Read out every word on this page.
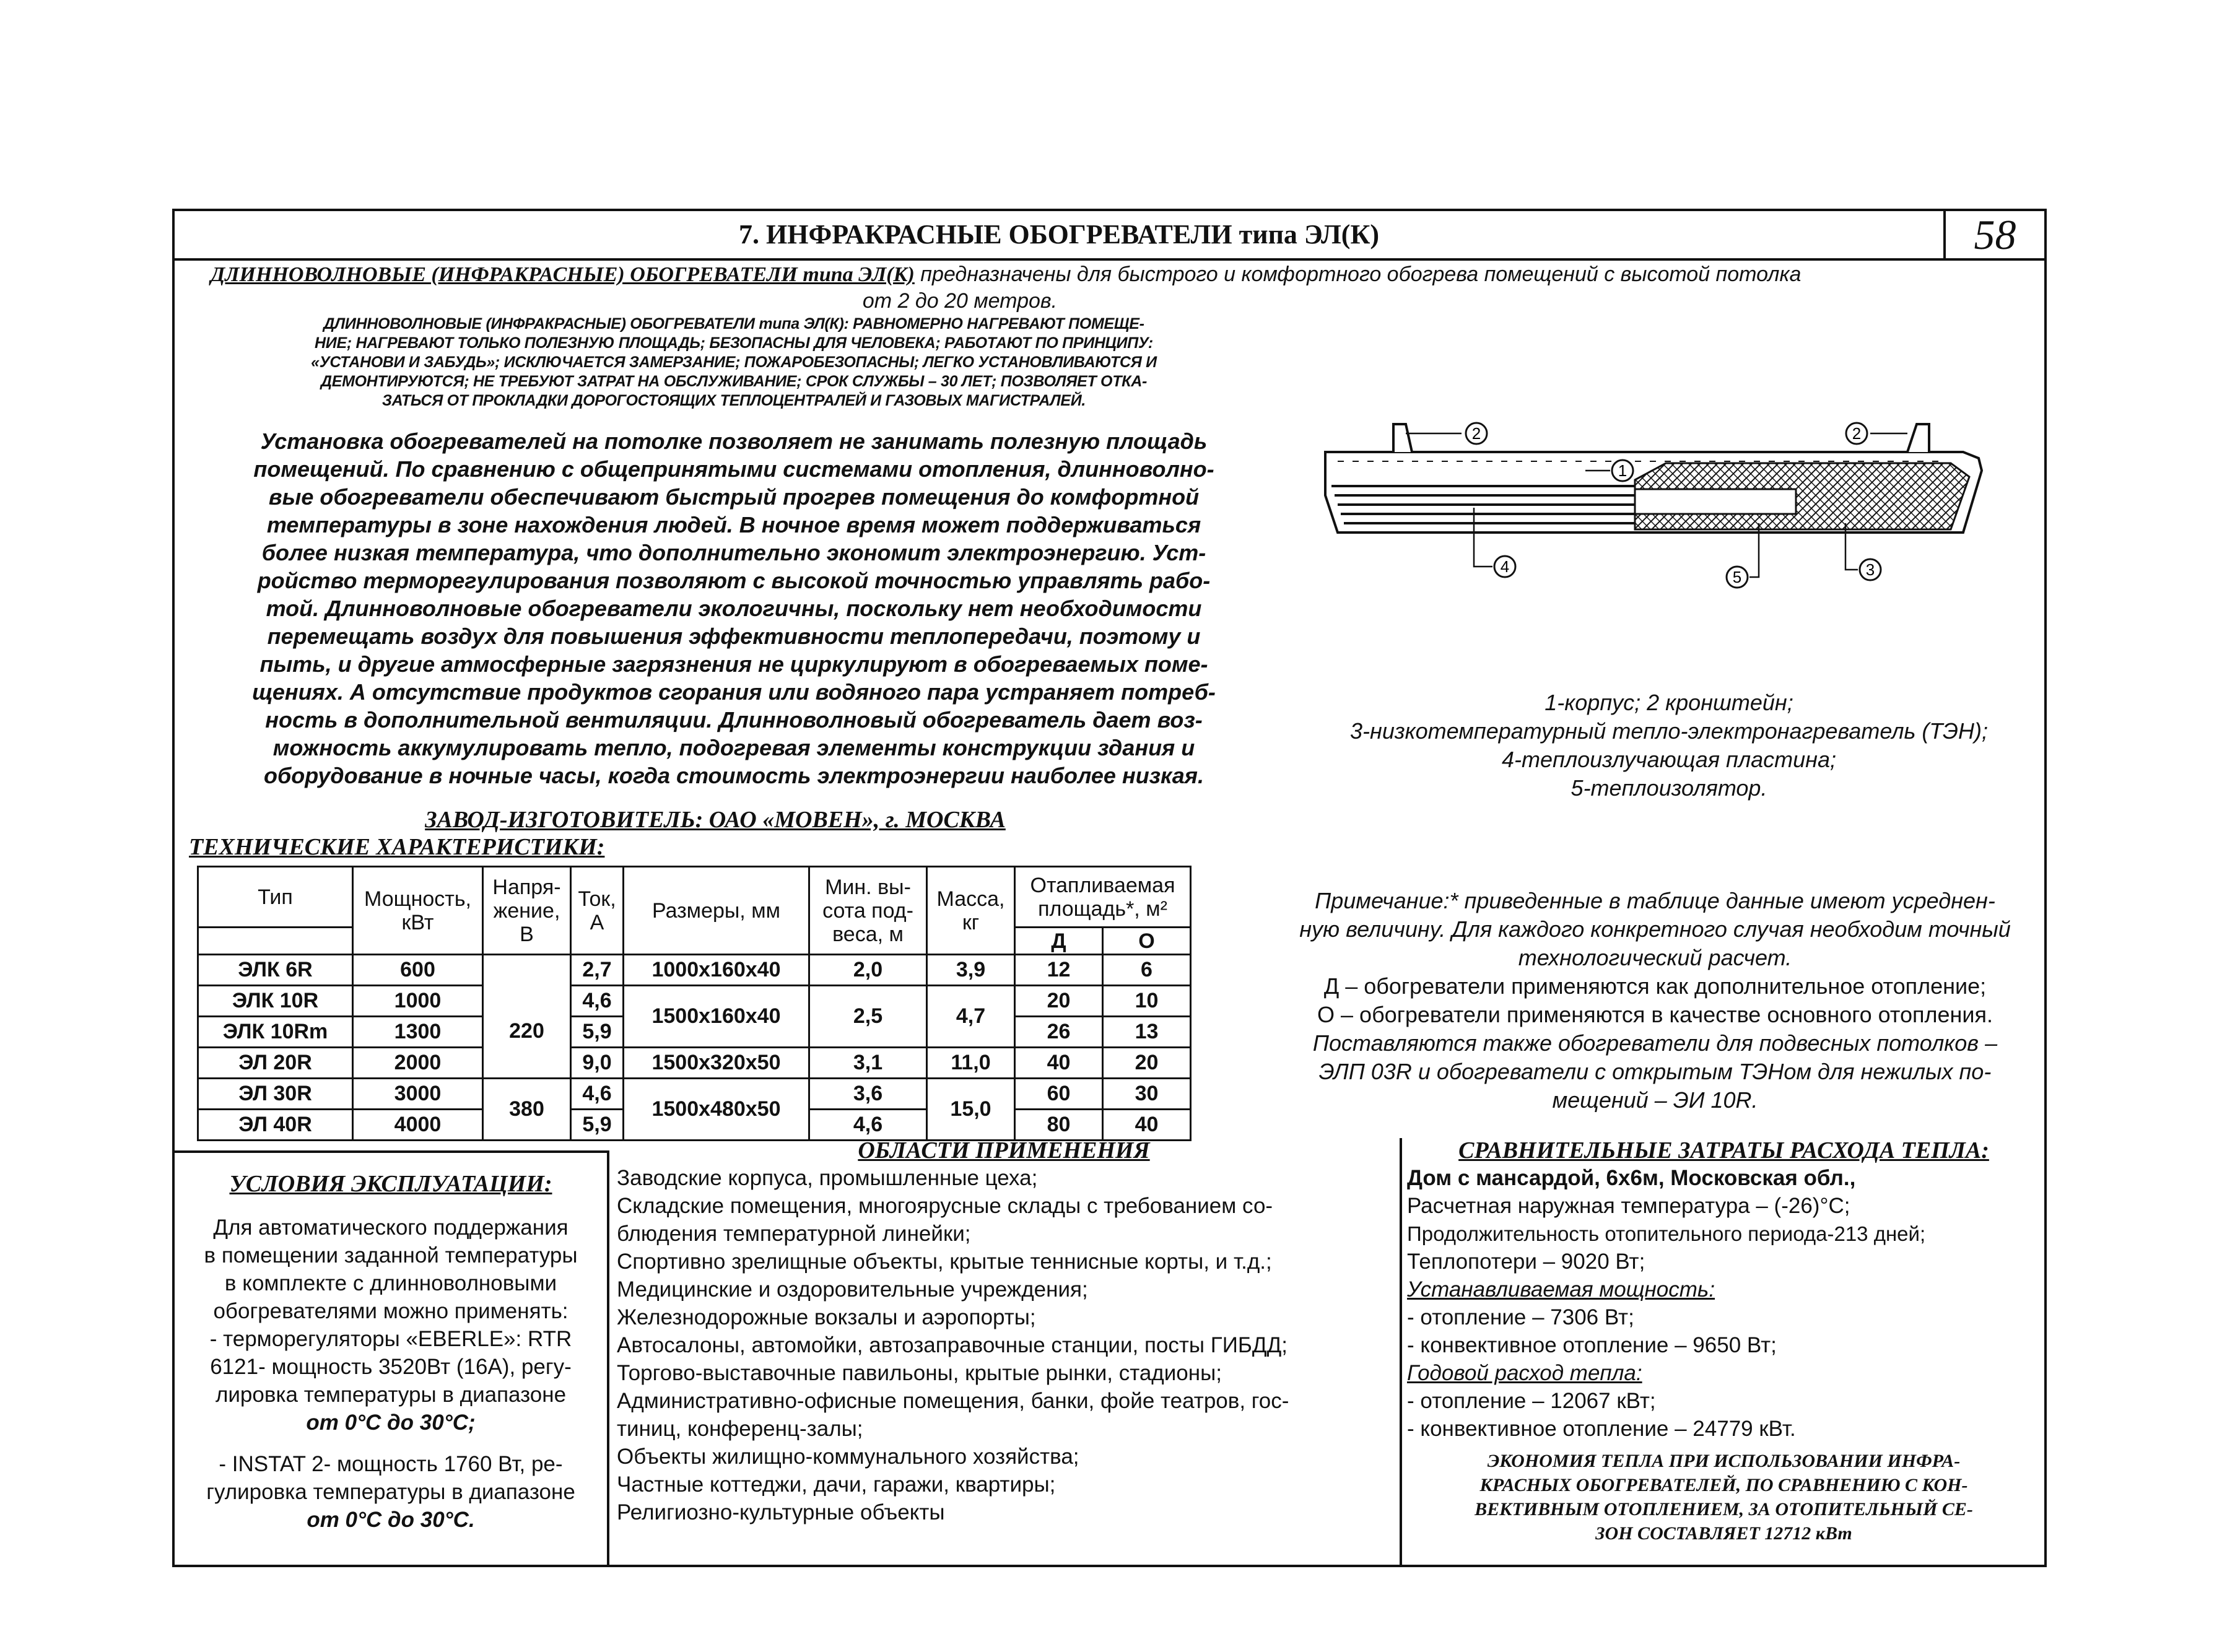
7. ИНФРАКРАСНЫЕ ОБОГРЕВАТЕЛИ типа ЭЛ(К)	58
ДЛИННОВОЛНОВЫЕ (ИНФРАКРАСНЫЕ) ОБОГРЕВАТЕЛИ типа ЭЛ(К) предназначены для быстрого и комфортного обогрева помещений с высотой потолка
от 2 до 20 метров.
ДЛИННОВОЛНОВЫЕ (ИНФРАКРАСНЫЕ) ОБОГРЕВАТЕЛИ типа ЭЛ(К): РАВНОМЕРНО НАГРЕВАЮТ ПОМЕЩЕ-
НИЕ; НАГРЕВАЮТ ТОЛЬКО ПОЛЕЗНУЮ ПЛОЩАДЬ; БЕЗОПАСНЫ ДЛЯ ЧЕЛОВЕКА; РАБОТАЮТ ПО ПРИНЦИПУ:
«УСТАНОВИ И ЗАБУДЬ»; ИСКЛЮЧАЕТСЯ ЗАМЕРЗАНИЕ; ПОЖАРОБЕЗОПАСНЫ; ЛЕГКО УСТАНОВЛИВАЮТСЯ И
ДЕМОНТИРУЮТСЯ; НЕ ТРЕБУЮТ ЗАТРАТ НА ОБСЛУЖИВАНИЕ; СРОК СЛУЖБЫ – 30 ЛЕТ; ПОЗВОЛЯЕТ ОТКА-
ЗАТЬСЯ ОТ ПРОКЛАДКИ ДОРОГОСТОЯЩИХ ТЕПЛОЦЕНТРАЛЕЙ И ГАЗОВЫХ МАГИСТРАЛЕЙ.
Установка обогревателей на потолке позволяет не занимать полезную площадь
помещений. По сравнению с общепринятыми системами отопления, длинноволно-
вые обогреватели обеспечивают быстрый прогрев помещения до комфортной
температуры в зоне нахождения людей. В ночное время может поддерживаться
более низкая температура, что дополнительно экономит электроэнергию. Уст-
ройство терморегулирования позволяют с высокой точностью управлять рабо-
той. Длинноволновые обогреватели экологичны, поскольку нет необходимости
перемещать воздух для повышения эффективности теплопередачи, поэтому и
пыть, и другие атмосферные загрязнения не циркулируют в обогреваемых поме-
щениях. А отсутствие продуктов сгорания или водяного пара устраняет потреб-
ность в дополнительной вентиляции. Длинноволновый обогреватель дает воз-
можность аккумулировать тепло, подогревая элементы конструкции здания и
оборудование в ночные часы, когда стоимость электроэнергии наиболее низкая.
2	2
1
4
5	3
1-корпус; 2 кронштейн;
3-низкотемпературный тепло-электронагреватель (ТЭН);
4-теплоизлучающая пластина;
5-теплоизолятор.
ЗАВОД-ИЗГОТОВИТЕЛЬ: ОАО «МОВЕН», г. МОСКВА
ТЕХНИЧЕСКИЕ ХАРАКТЕРИСТИКИ:
Тип	Мощность, кВт	Напря- жение, В	Ток, А	Размеры, мм	Мин. вы- сота под- веса, м	Масса, кг	Отапливаемая площадь*, м²	

							Д	О
ЭЛК 6R	600		2,7	1000x160x40	2,0	3,9	12	6
ЭЛК 10R	1000	220	4,6	1500x160x40	2,5	4,7	20	10
ЭЛК 10Rm	1300		5,9				26	13
ЭЛ 20R	2000		9,0	1500x320x50	3,1	11,0	40	20
ЭЛ 30R	3000	380	4,6	1500x480x50	3,6	15,0	60	30
ЭЛ 40R	4000		5,9		4,6		80	40
Примечание:* приведенные в таблице данные имеют усреднен-
ную величину. Для каждого конкретного случая необходим точный
технологический расчет.
Д – обогреватели применяются как дополнительное отопление;
О – обогреватели применяются в качестве основного отопления.
Поставляются также обогреватели для подвесных потолков –
ЭЛП 03R и обогреватели с открытым ТЭНом для нежилых по-
мещений – ЭИ 10R.
УСЛОВИЯ ЭКСПЛУАТАЦИИ:
Для автоматического поддержания
в помещении заданной температуры
в комплекте с длинноволновыми
обогревателями можно применять:
- терморегуляторы «EBERLE»: RTR
6121- мощность 3520Вт (16А), регу-
лировка температуры в диапазоне
от 0°С до 30°С;
- INSTAT 2- мощность 1760 Вт, ре-
гулировка температуры в диапазоне
от 0°С до 30°С.
ОБЛАСТИ ПРИМЕНЕНИЯ
Заводские корпуса, промышленные цеха;
Складские помещения, многоярусные склады с требованием со-
блюдения температурной линейки;
Спортивно зрелищные объекты, крытые теннисные корты, и т.д.;
Медицинские и оздоровительные учреждения;
Железнодорожные вокзалы и аэропорты;
Автосалоны, автомойки, автозаправочные станции, посты ГИБДД;
Торгово-выставочные павильоны, крытые рынки, стадионы;
Административно-офисные помещения, банки, фойе театров, гос-
тиниц, конференц-залы;
Объекты жилищно-коммунального хозяйства;
Частные коттеджи, дачи, гаражи, квартиры;
Религиозно-культурные объекты
СРАВНИТЕЛЬНЫЕ ЗАТРАТЫ РАСХОДА ТЕПЛА:
Дом с мансардой, 6x6м, Московская обл.,
Расчетная наружная температура – (-26)°С;
Продолжительность отопительного периода-213 дней;
Теплопотери – 9020 Вт;
Устанавливаемая мощность:
- отопление – 7306 Вт;
- конвективное отопление – 9650 Вт;
Годовой расход тепла:
- отопление – 12067 кВт;
- конвективное отопление – 24779 кВт.
ЭКОНОМИЯ ТЕПЛА ПРИ ИСПОЛЬЗОВАНИИ ИНФРА-
КРАСНЫХ ОБОГРЕВАТЕЛЕЙ, ПО СРАВНЕНИЮ С КОН-
ВЕКТИВНЫМ ОТОПЛЕНИЕМ, ЗА ОТОПИТЕЛЬНЫЙ СЕ-
ЗОН СОСТАВЛЯЕТ 12712 кВт
